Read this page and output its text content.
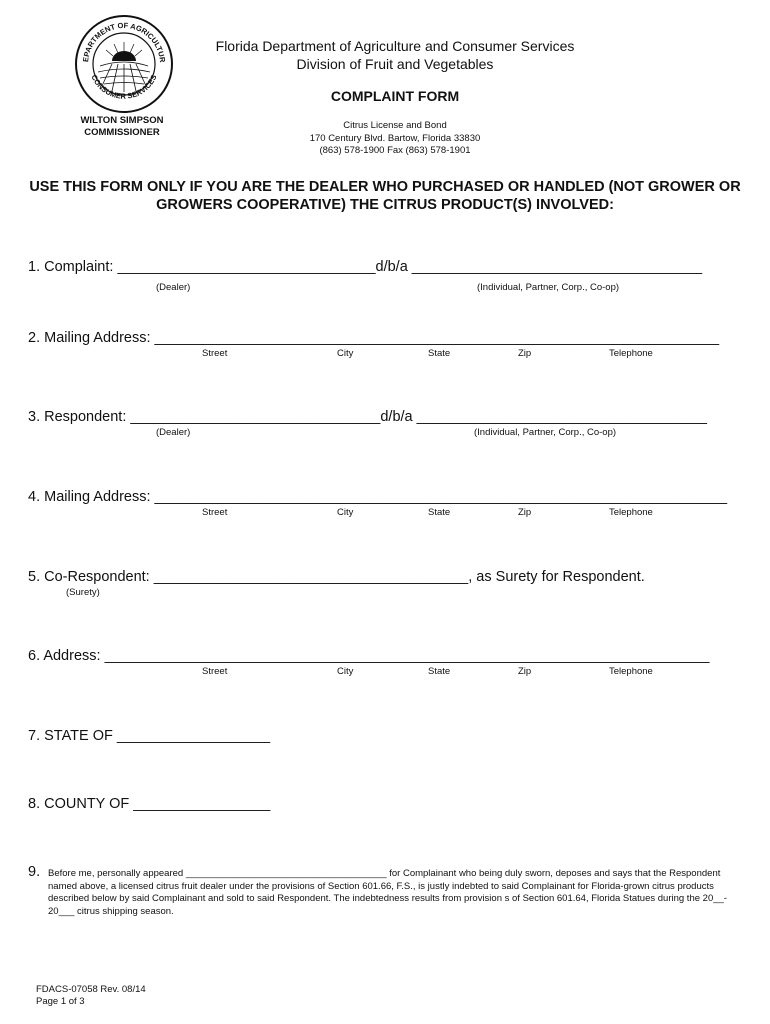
EPARTMENT OF AGRICULTUR
CONSUMER SERVICES
Florida Department of Agriculture and Consumer Services
Division of Fruit and Vegetables
COMPLAINT FORM
WILTON SIMPSON
COMMISSIONER
Citrus License and Bond
170 Century Blvd. Bartow, Florida 33830
(863) 578-1900 Fax (863) 578-1901
USE THIS FORM ONLY IF YOU ARE THE DEALER WHO PURCHASED OR HANDLED (NOT GROWER OR GROWERS COOPERATIVE) THE CITRUS PRODUCT(S) INVOLVED:
1. Complaint: ________________________________d/b/a ____________________________________
(Dealer)	(Individual, Partner, Corp., Co-op)
2. Mailing Address: ______________________________________________________________________
Street	City	State	Zip	Telephone
3. Respondent: _______________________________d/b/a ____________________________________
(Dealer)	(Individual, Partner, Corp., Co-op)
4. Mailing Address: _______________________________________________________________________
Street	City	State	Zip	Telephone
5. Co-Respondent: _______________________________________, as Surety for Respondent.
(Surety)
6. Address: ___________________________________________________________________________
Street	City	State	Zip	Telephone
7. STATE OF ___________________
8. COUNTY OF _________________
9. Before me, personally appeared ______________________________________ for Complainant who being duly sworn, deposes and says that the Respondent named above, a licensed citrus fruit dealer under the provisions of Section 601.66, F.S., is justly indebted to said Complainant for Florida-grown citrus products described below by said Complainant and sold to said Respondent. The indebtedness results from provision s of Section 601.64, Florida Statues during the 20__- 20___ citrus shipping season.
FDACS-07058 Rev. 08/14
Page 1 of 3
